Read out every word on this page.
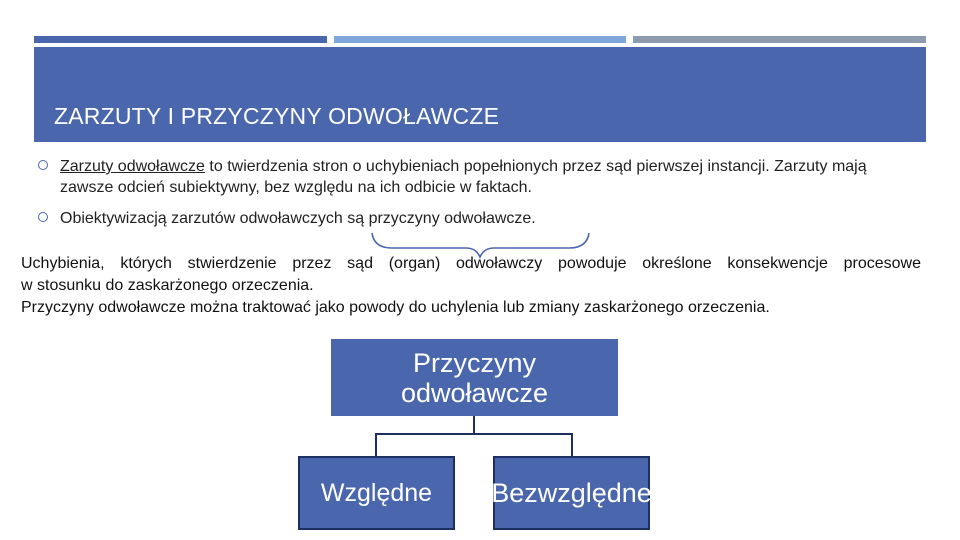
ZARZUTY I PRZYCZYNY ODWOŁAWCZE
Zarzuty odwoławcze to twierdzenia stron o uchybieniach popełnionych przez sąd pierwszej instancji. Zarzuty mają zawsze odcień subiektywny, bez względu na ich odbicie w faktach.
Obiektywizacją zarzutów odwoławczych są przyczyny odwoławcze.

Uchybienia, których stwierdzenie przez sąd (organ) odwoławczy powoduje określone konsekwencje procesowe

w stosunku do zaskarżonego orzeczenia.

Przyczyny odwoławcze można traktować jako powody do uchylenia lub zmiany zaskarżonego orzeczenia.

Przyczyny odwoławcze
Względne Bezwzględne
